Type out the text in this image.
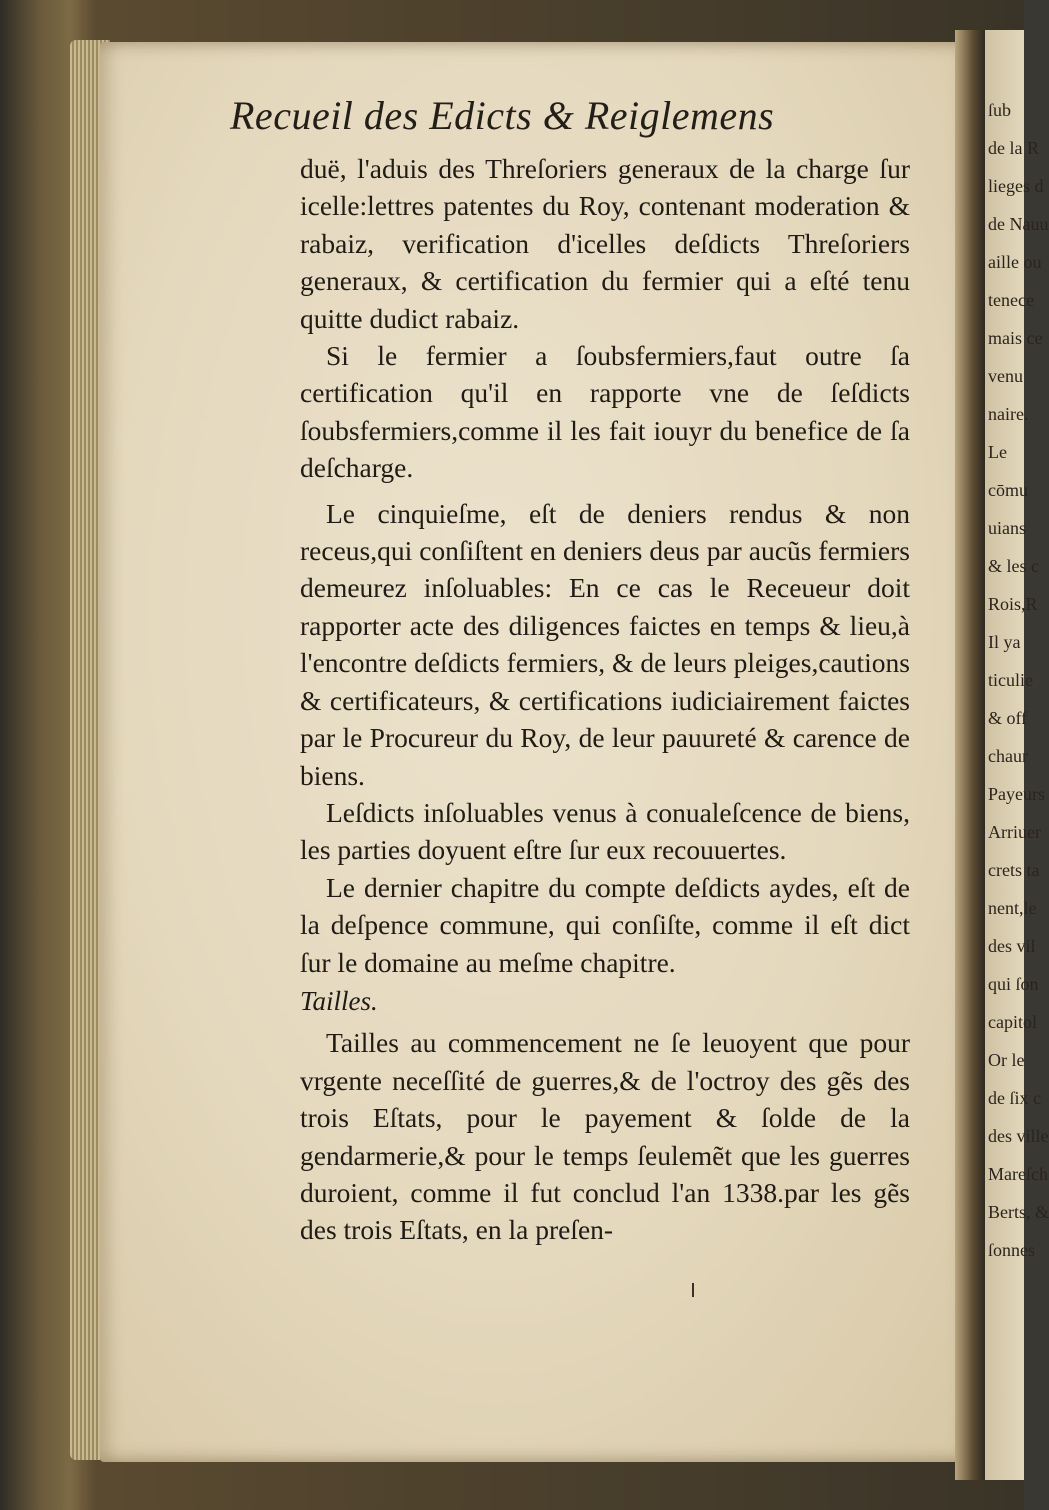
ſub
de la R
lieges d
de Nauu
aille ou
tenece
mais ce
venu
naire.
Le
cōmu
uians
& les c
Rois,R
Il ya
ticulie
& off
chaur
Payeurs
Arriuer
crets ta
nent,le
des vil
qui ſon
capitol
Or le
de ſix c
des ville
Mareſch
Berts, &
ſonnes
Recueil des Edicts & Reiglemens

duë, l'aduis des Threſoriers generaux de la charge ſur icelle:lettres patentes du Roy, contenant moderation & rabaiz, verification d'icelles deſdicts Threſoriers generaux, & certification du fermier qui a eſté tenu quitte dudict rabaiz.

Si le fermier a ſoubsfermiers,faut outre ſa certification qu'il en rapporte vne de ſeſdicts ſoubsfermiers,comme il les fait iouyr du benefice de ſa deſcharge.

Le cinquieſme, eſt de deniers rendus & non receus,qui conſiſtent en deniers deus par aucũs fermiers demeurez inſoluables: En ce cas le Receueur doit rapporter acte des diligences faictes en temps & lieu,à l'encontre deſdicts fermiers, & de leurs pleiges,cautions & certificateurs, & certifications iudiciairement faictes par le Procureur du Roy, de leur pauureté & carence de biens.

Leſdicts inſoluables venus à conualeſcence de biens, les parties doyuent eſtre ſur eux recouuertes.

Le dernier chapitre du compte deſdicts aydes, eſt de la deſpence commune, qui conſiſte, comme il eſt dict ſur le domaine au meſme chapitre.

Tailles.

Tailles au commencement ne ſe leuoyent que pour vrgente neceſſité de guerres,& de l'octroy des gẽs des trois Eſtats, pour le payement & ſolde de la gendarmerie,& pour le temps ſeulemẽt que les guerres duroient, comme il fut conclud l'an 1338.par les gẽs des trois Eſtats, en la preſen-
